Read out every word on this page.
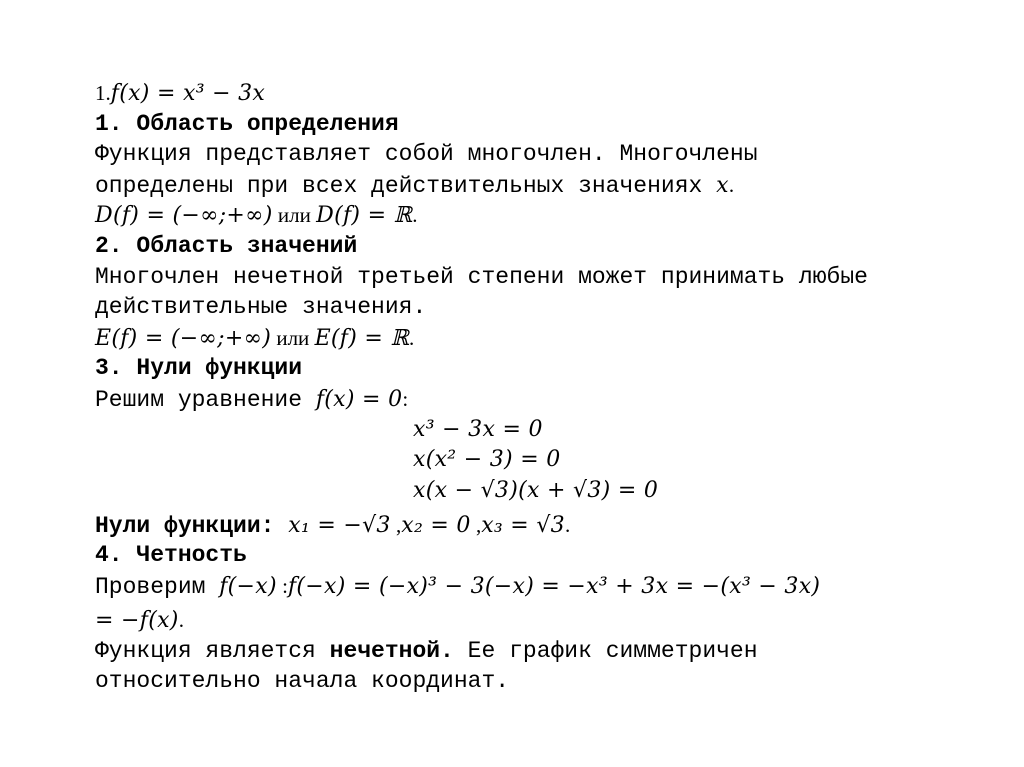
1.f(x) = x³ − 3x
1. Область определения
Функция представляет собой многочлен. Многочлены
определены при всех действительных значениях x.
D(f) = (−∞;+∞) или D(f) = ℝ.
2. Область значений
Многочлен нечетной третьей степени может принимать любые
действительные значения.
E(f) = (−∞;+∞) или E(f) = ℝ.
3. Нули функции
Решим уравнение f(x) = 0:
x³ − 3x = 0
x(x² − 3) = 0
x(x − √3)(x + √3) = 0
Нули функции: x₁ = −√3 ,x₂ = 0 ,x₃ = √3.
4. Четность
Проверим f(−x) :f(−x) = (−x)³ − 3(−x) = −x³ + 3x = −(x³ − 3x)
= −f(x).
Функция является нечетной. Ее график симметричен
относительно начала координат.
